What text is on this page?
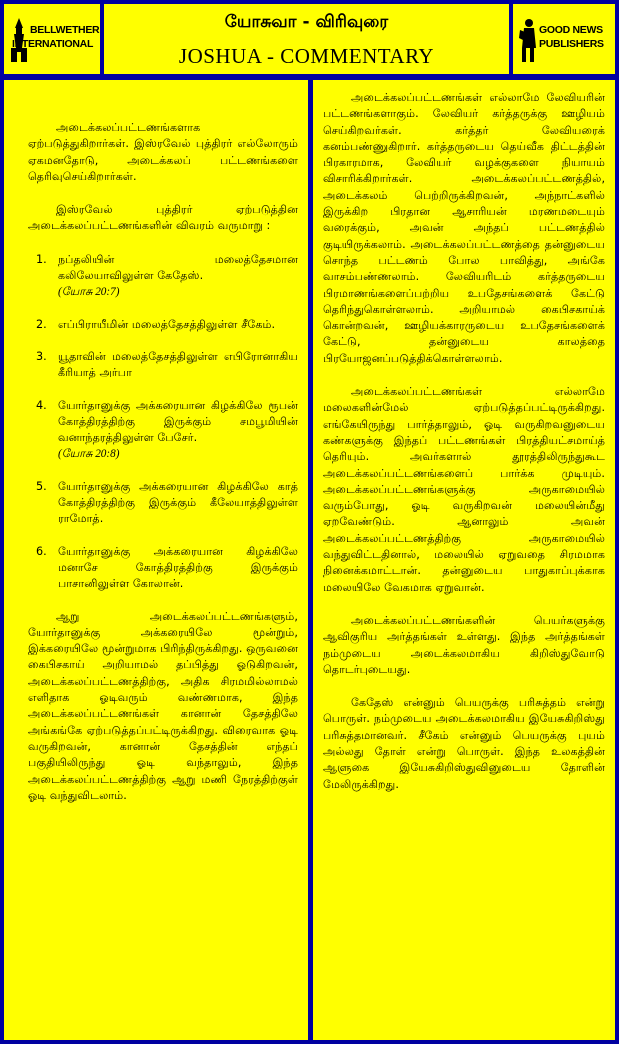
BELLWETHER
INTERNATIONAL
யோசுவா - விரிவுரை
JOSHUA - COMMENTARY
GOOD NEWS
PUBLISHERS

அடைக்கலப்பட்டணங்களாக ஏற்படுத்துகிறார்கள். இஸ்ரவேல் புத்திரர் எல்லோரும் ஏகமனதோடு, அடைக்கலப் பட்டணங்களை தெரிவுசெய்கிறார்கள்.

இஸ்ரவேல் புத்திரர் ஏற்படுத்தின அடைக்கலப்பட்டணங்களின் விவரம் வருமாறு :

1. நப்தலியின் மலைத்தேசமான கலிலேயாவிலுள்ள கேதேஸ்.
(யோசு 20:7)
2. எப்பிராயீமின் மலைத்தேசத்திலுள்ள சீகேம்.
3. யூதாவின் மலைத்தேசத்திலுள்ள எபிரோனாகிய கீரியாத் அர்பா
4. யோர்தானுக்கு அக்கரையான கிழக்கிலே ரூபன் கோத்திரத்திற்கு இருக்கும் சமபூமியின் வனாந்தரத்திலுள்ள பேசேர்.
(யோசு 20:8)
5. யோர்தானுக்கு அக்கரையான கிழக்கிலே காத் கோத்திரத்திற்கு இருக்கும் கீலேயாத்திலுள்ள ராமோத்.
6. யோர்தானுக்கு அக்கரையான கிழக்கிலே மனாசே கோத்திரத்திற்கு இருக்கும் பாசானிலுள்ள கோலான்.

ஆறு அடைக்கலப்பட்டணங்களும், யோர்தானுக்கு அக்கரையிலே மூன்றும், இக்கரையிலே மூன்றுமாக பிரிந்திருக்கிறது. ஒருவனை கைபிசகாய் அறியாமல் தப்பித்து ஓடுகிறவன், அடைக்கலப்பட்டணத்திற்கு, அதிக சிரமமில்லாமல் எளிதாக ஓடிவரும் வண்ணமாக, இந்த அடைக்கலப்பட்டணங்கள் கானான் தேசத்திலே அங்கங்கே ஏற்படுத்தப்பட்டிருக்கிறது. விரைவாக ஓடி வருகிறவன், கானான் தேசத்தின் எந்தப் பகுதியிலிருந்து ஓடி வந்தாலும், இந்த அடைக்கலப்பட்டணத்திற்கு ஆறு மணி நேரத்திற்குள் ஓடி வந்துவிடலாம்.

அடைக்கலப்பட்டணங்கள் எல்லாமே லேவியரின் பட்டணங்களாகும். லேவியர் கர்த்தருக்கு ஊழியம் செய்கிறவர்கள். கர்த்தர் லேவியரைக் கனம்பண்ணுகிறார். கர்த்தருடைய தெய்வீக திட்டத்தின் பிரகாரமாக, லேவியர் வழக்குகளை நியாயம் விசாரிக்கிறார்கள். அடைக்கலப்பட்டணத்தில், அடைக்கலம் பெற்றிருக்கிறவன், அந்நாட்களில் இருக்கிற பிரதான ஆசாரியன் மரணமடையும் வரைக்கும், அவன் அந்தப் பட்டணத்தில் குடியிருக்கலாம். அடைக்கலப்பட்டணத்தை தன்னுடைய சொந்த பட்டணம் போல பாவித்து, அங்கே வாசம்பண்ணலாம். லேவியரிடம் கர்த்தருடைய பிரமாணங்களைப்பற்றிய உபதேசங்களைக் கேட்டு தெரிந்துகொள்ளலாம். அறியாமல் கைபிசகாய்க் கொன்றவன், ஊழியக்காரருடைய உபதேசங்களைக் கேட்டு, தன்னுடைய காலத்தை பிரயோஜனப்படுத்திக்கொள்ளலாம்.

அடைக்கலப்பட்டணங்கள் எல்லாமே மலைகளின்மேல் ஏற்படுத்தப்பட்டிருக்கிறது. எங்கேயிருந்து பார்த்தாலும், ஓடி வருகிறவனுடைய கண்களுக்கு இந்தப் பட்டணங்கள் பிரத்தியட்சமாய்த் தெரியும். அவர்களால் தூரத்திலிருந்துகூட அடைக்கலப்பட்டணங்களைப் பார்க்க முடியும். அடைக்கலப்பட்டணங்களுக்கு அருகாமையில் வரும்போது, ஓடி வருகிறவன் மலையின்மீது ஏறவேண்டும். ஆனாலும் அவன் அடைக்கலப்பட்டணத்திற்கு அருகாமையில் வந்துவிட்டதினால், மலையில் ஏறுவதை சிரமமாக நினைக்கமாட்டான். தன்னுடைய பாதுகாப்புக்காக மலையிலே வேகமாக ஏறுவான்.

அடைக்கலப்பட்டணங்களின் பெயர்களுக்கு ஆவிகுரிய அர்த்தங்கள் உள்ளது. இந்த அர்த்தங்கள் நம்முடைய அடைக்கலமாகிய கிறிஸ்துவோடு தொடர்புடையது.

கேதேஸ் என்னும் பெயருக்கு பரிசுத்தம் என்று பொருள். நம்முடைய அடைக்கலமாகிய இயேசுகிறிஸ்து பரிசுத்தமானவர். சீகேம் என்னும் பெயருக்கு புயம் அல்லது தோள் என்று பொருள். இந்த உலகத்தின் ஆளுகை இயேசுகிறிஸ்துவினுடைய தோளின் மேலிருக்கிறது.
